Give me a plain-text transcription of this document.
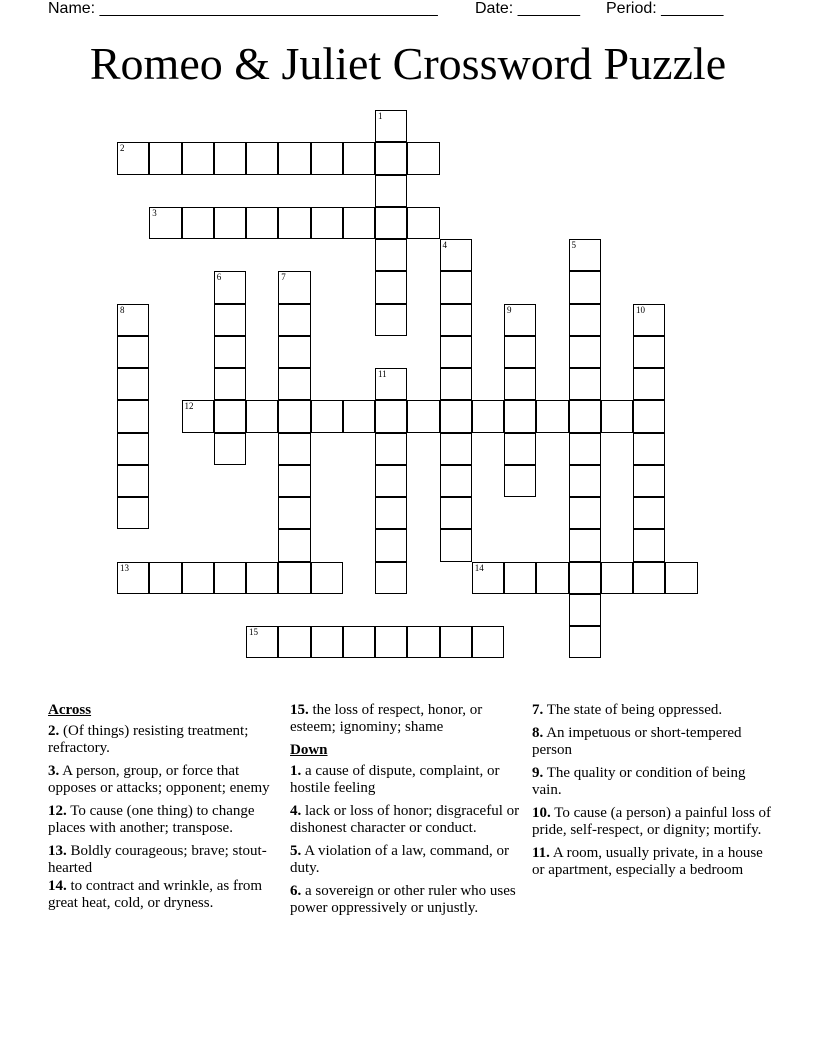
Name: ______________________________________ Date: _______ Period: _______
Romeo & Juliet Crossword Puzzle
1
2
3
4	5
6	7
8	9	10
11
12
13	14
15
Across
2. (Of things) resisting treatment; refractory.
3. A person, group, or force that opposes or attacks; opponent; enemy
12. To cause (one thing) to change places with another; transpose.
13. Boldly courageous; brave; stout-hearted
14. to contract and wrinkle, as from great heat, cold, or dryness.
15. the loss of respect, honor, or esteem; ignominy; shame
Down
1. a cause of dispute, complaint, or hostile feeling
4. lack or loss of honor; disgraceful or dishonest character or conduct.
5. A violation of a law, command, or duty.
6. a sovereign or other ruler who uses power oppressively or unjustly.
7. The state of being oppressed.
8. An impetuous or short-tempered person
9. The quality or condition of being vain.
10. To cause (a person) a painful loss of pride, self-respect, or dignity; mortify.
11. A room, usually private, in a house or apartment, especially a bedroom
